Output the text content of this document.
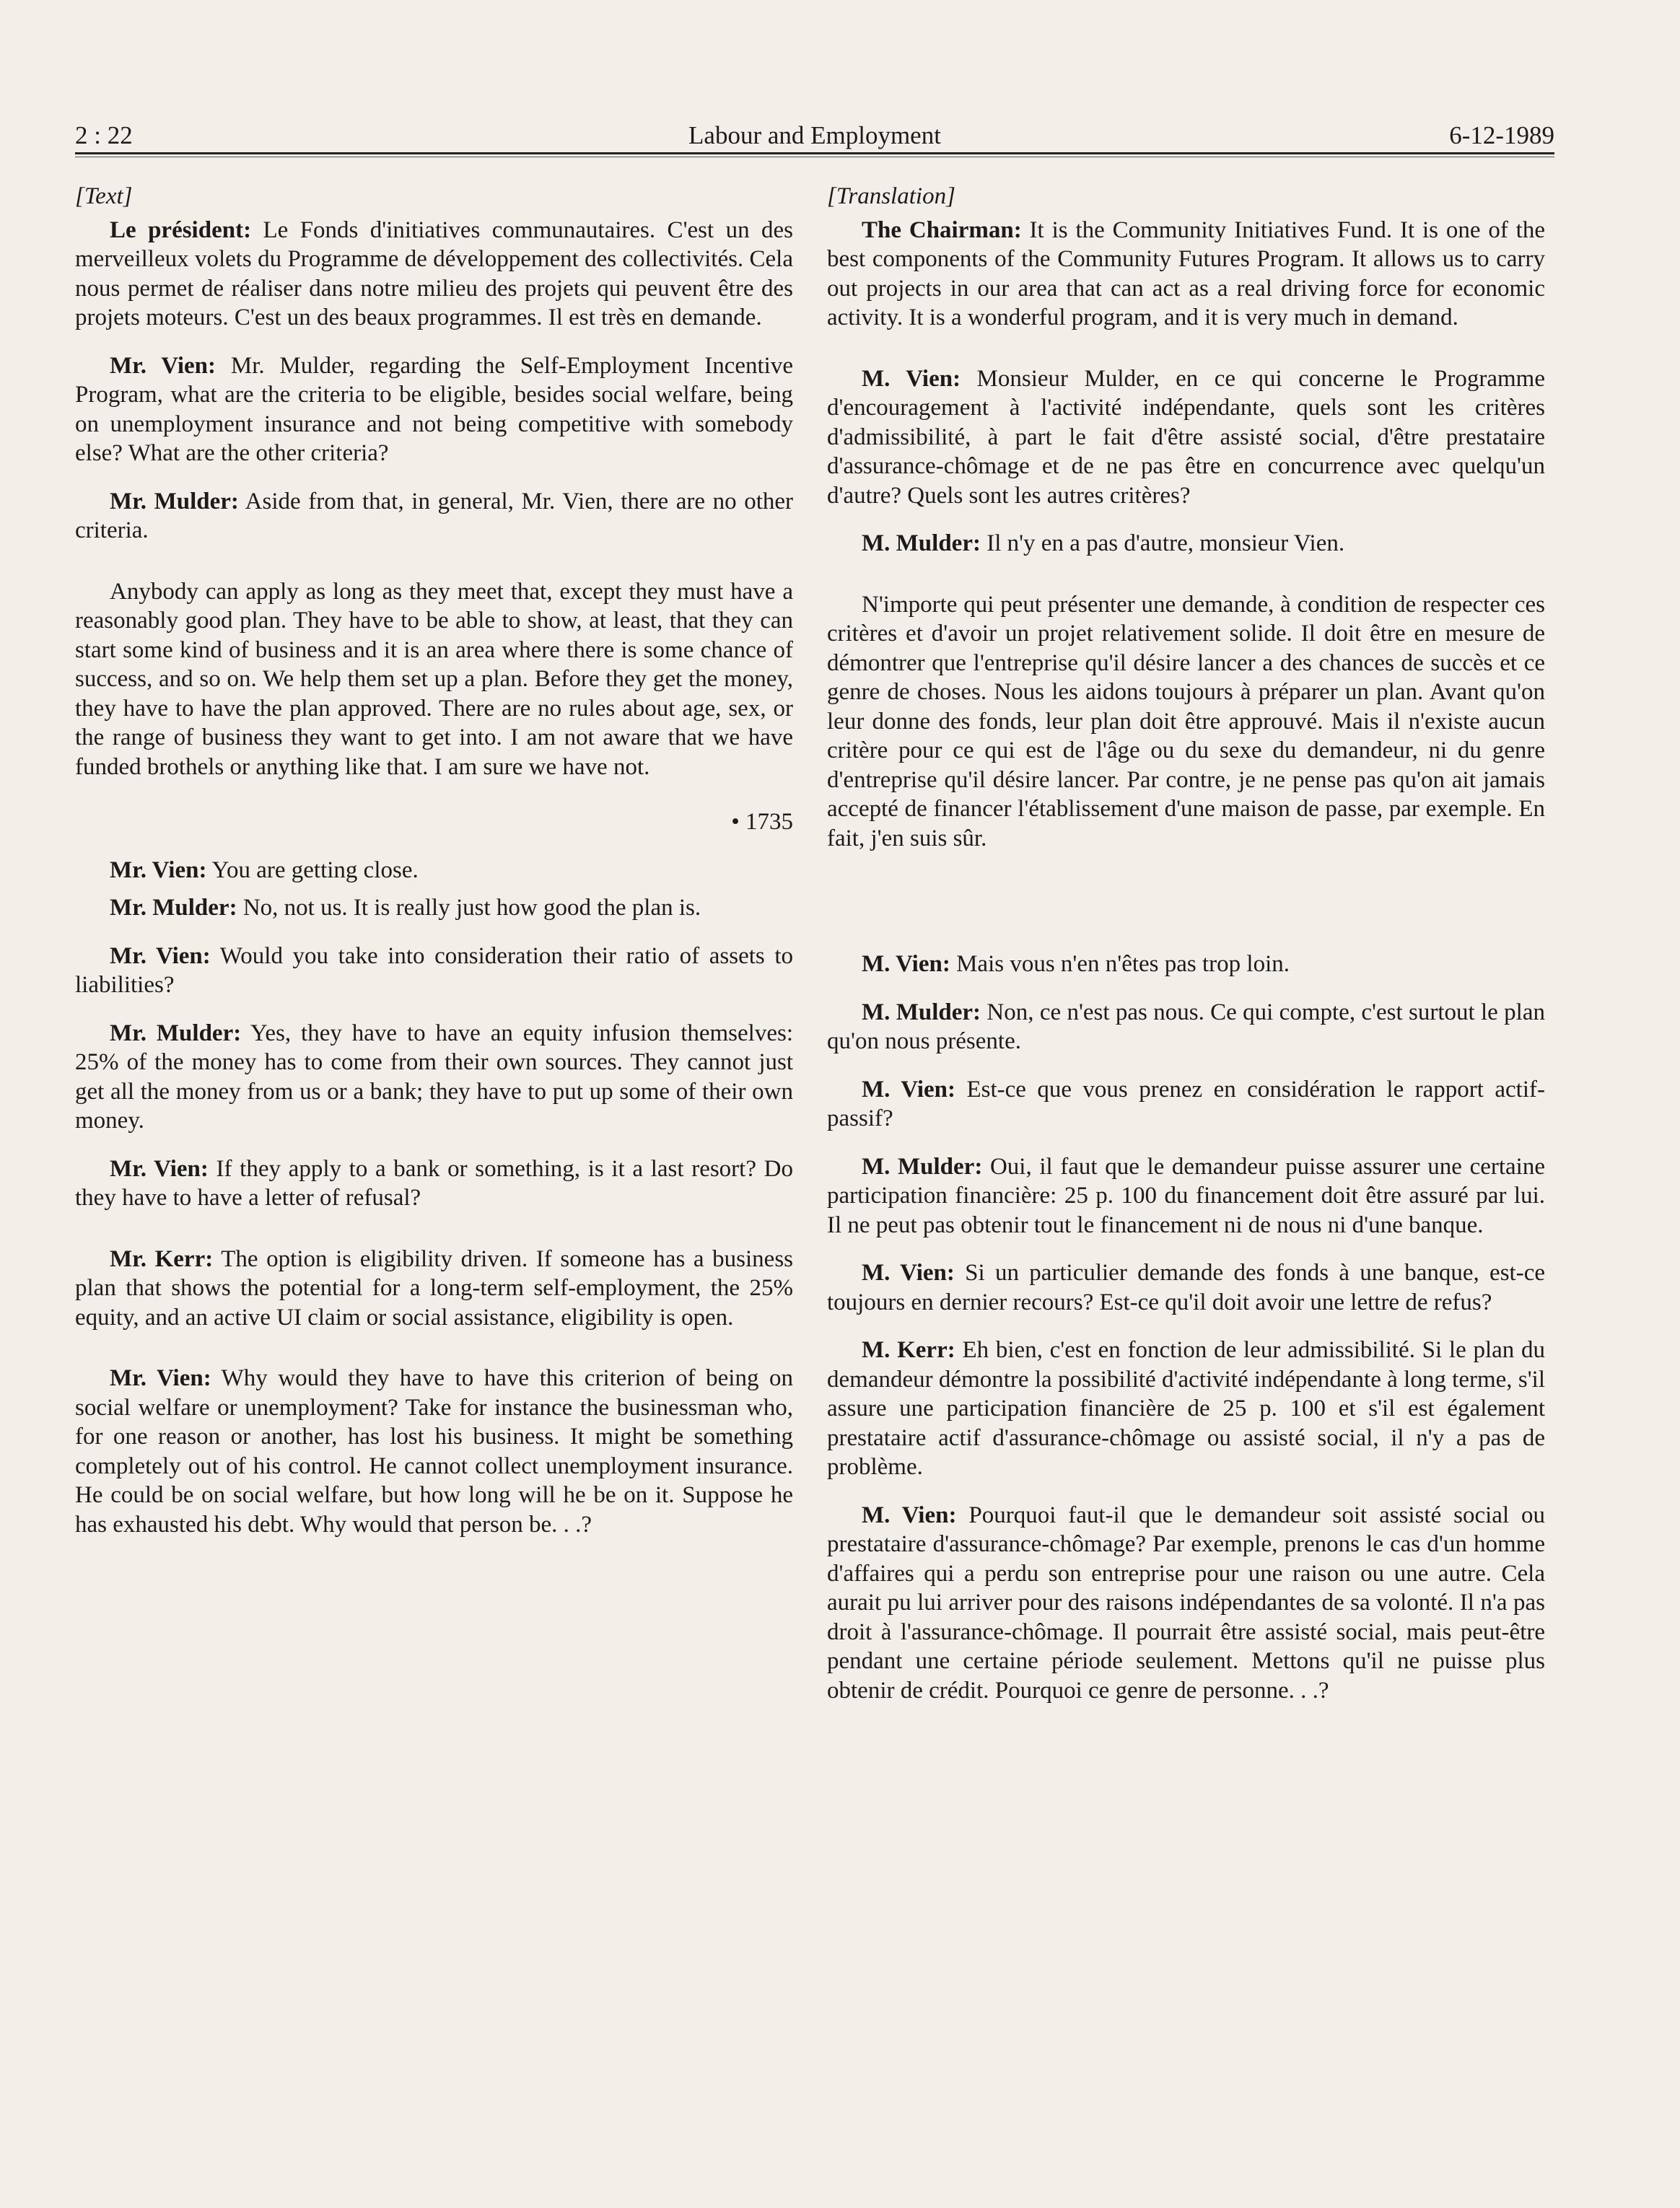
Labour and Employment
2 : 22	6-12-1989
[Text]

Le président: Le Fonds d'initiatives communautaires. C'est un des merveilleux volets du Programme de développement des collectivités. Cela nous permet de réaliser dans notre milieu des projets qui peuvent être des projets moteurs. C'est un des beaux programmes. Il est très en demande.

Mr. Vien: Mr. Mulder, regarding the Self-Employment Incentive Program, what are the criteria to be eligible, besides social welfare, being on unemployment insurance and not being competitive with somebody else? What are the other criteria?

Mr. Mulder: Aside from that, in general, Mr. Vien, there are no other criteria.

Anybody can apply as long as they meet that, except they must have a reasonably good plan. They have to be able to show, at least, that they can start some kind of business and it is an area where there is some chance of success, and so on. We help them set up a plan. Before they get the money, they have to have the plan approved. There are no rules about age, sex, or the range of business they want to get into. I am not aware that we have funded brothels or anything like that. I am sure we have not.

• 1735

Mr. Vien: You are getting close.

Mr. Mulder: No, not us. It is really just how good the plan is.

Mr. Vien: Would you take into consideration their ratio of assets to liabilities?

Mr. Mulder: Yes, they have to have an equity infusion themselves: 25% of the money has to come from their own sources. They cannot just get all the money from us or a bank; they have to put up some of their own money.

Mr. Vien: If they apply to a bank or something, is it a last resort? Do they have to have a letter of refusal?

Mr. Kerr: The option is eligibility driven. If someone has a business plan that shows the potential for a long-term self-employment, the 25% equity, and an active UI claim or social assistance, eligibility is open.

Mr. Vien: Why would they have to have this criterion of being on social welfare or unemployment? Take for instance the businessman who, for one reason or another, has lost his business. It might be something completely out of his control. He cannot collect unemployment insurance. He could be on social welfare, but how long will he be on it. Suppose he has exhausted his debt. Why would that person be. . .?

[Translation]

The Chairman: It is the Community Initiatives Fund. It is one of the best components of the Community Futures Program. It allows us to carry out projects in our area that can act as a real driving force for economic activity. It is a wonderful program, and it is very much in demand.

M. Vien: Monsieur Mulder, en ce qui concerne le Programme d'encouragement à l'activité indépendante, quels sont les critères d'admissibilité, à part le fait d'être assisté social, d'être prestataire d'assurance-chômage et de ne pas être en concurrence avec quelqu'un d'autre? Quels sont les autres critères?

M. Mulder: Il n'y en a pas d'autre, monsieur Vien.

N'importe qui peut présenter une demande, à condition de respecter ces critères et d'avoir un projet relativement solide. Il doit être en mesure de démontrer que l'entreprise qu'il désire lancer a des chances de succès et ce genre de choses. Nous les aidons toujours à préparer un plan. Avant qu'on leur donne des fonds, leur plan doit être approuvé. Mais il n'existe aucun critère pour ce qui est de l'âge ou du sexe du demandeur, ni du genre d'entreprise qu'il désire lancer. Par contre, je ne pense pas qu'on ait jamais accepté de financer l'établissement d'une maison de passe, par exemple. En fait, j'en suis sûr.

M. Vien: Mais vous n'en n'êtes pas trop loin.

M. Mulder: Non, ce n'est pas nous. Ce qui compte, c'est surtout le plan qu'on nous présente.

M. Vien: Est-ce que vous prenez en considération le rapport actif-passif?

M. Mulder: Oui, il faut que le demandeur puisse assurer une certaine participation financière: 25 p. 100 du financement doit être assuré par lui. Il ne peut pas obtenir tout le financement ni de nous ni d'une banque.

M. Vien: Si un particulier demande des fonds à une banque, est-ce toujours en dernier recours? Est-ce qu'il doit avoir une lettre de refus?

M. Kerr: Eh bien, c'est en fonction de leur admissibilité. Si le plan du demandeur démontre la possibilité d'activité indépendante à long terme, s'il assure une participation financière de 25 p. 100 et s'il est également prestataire actif d'assurance-chômage ou assisté social, il n'y a pas de problème.

M. Vien: Pourquoi faut-il que le demandeur soit assisté social ou prestataire d'assurance-chômage? Par exemple, prenons le cas d'un homme d'affaires qui a perdu son entreprise pour une raison ou une autre. Cela aurait pu lui arriver pour des raisons indépendantes de sa volonté. Il n'a pas droit à l'assurance-chômage. Il pourrait être assisté social, mais peut-être pendant une certaine période seulement. Mettons qu'il ne puisse plus obtenir de crédit. Pourquoi ce genre de personne. . .?
